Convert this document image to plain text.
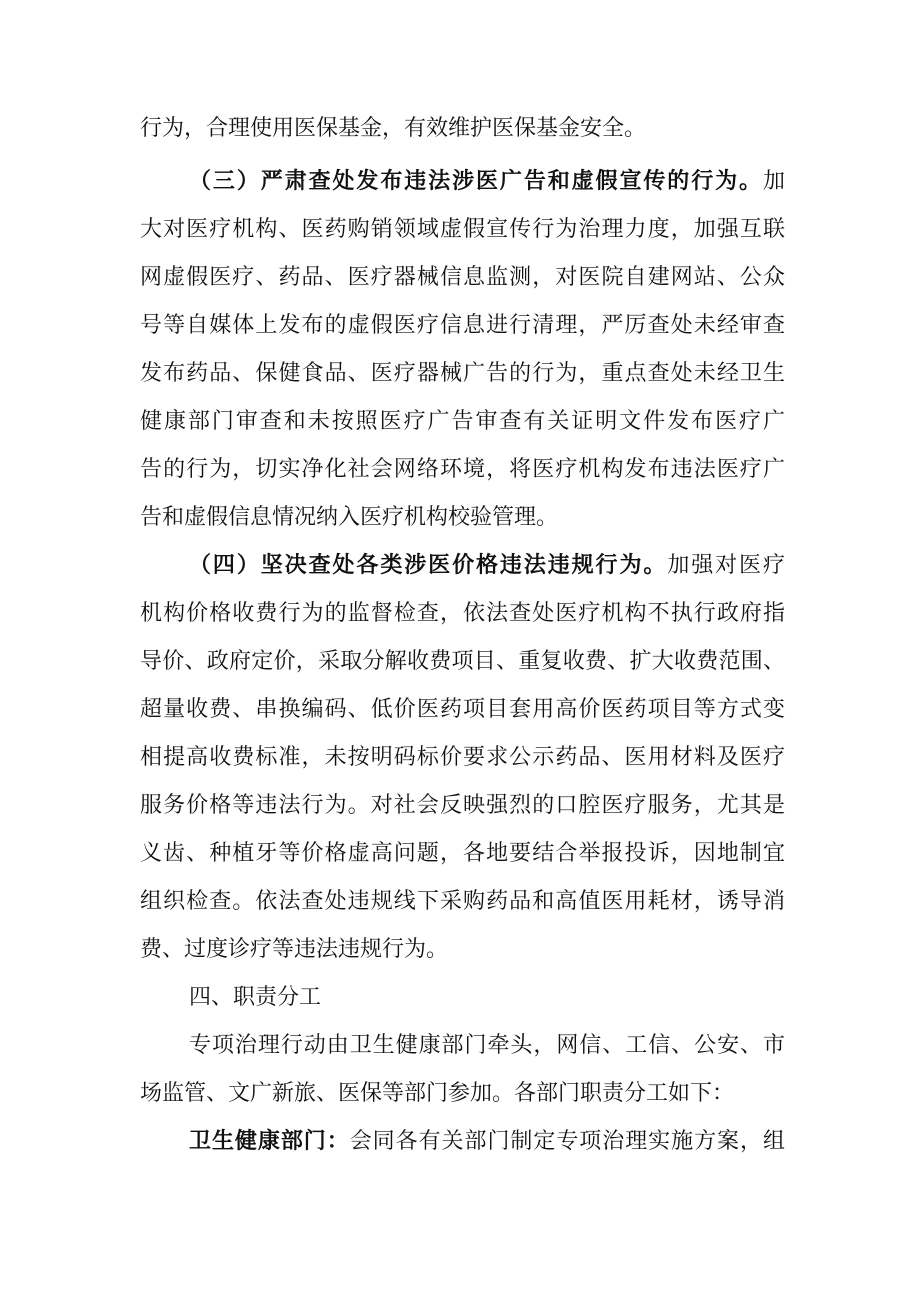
行为，合理使用医保基金，有效维护医保基金安全。
（三）严肃查处发布违法涉医广告和虚假宣传的行为。加
大对医疗机构、医药购销领域虚假宣传行为治理力度，加强互联
网虚假医疗、药品、医疗器械信息监测，对医院自建网站、公众
号等自媒体上发布的虚假医疗信息进行清理，严厉查处未经审查
发布药品、保健食品、医疗器械广告的行为，重点查处未经卫生
健康部门审查和未按照医疗广告审查有关证明文件发布医疗广
告的行为，切实净化社会网络环境，将医疗机构发布违法医疗广
告和虚假信息情况纳入医疗机构校验管理。
（四）坚决查处各类涉医价格违法违规行为。加强对医疗
机构价格收费行为的监督检查，依法查处医疗机构不执行政府指
导价、政府定价，采取分解收费项目、重复收费、扩大收费范围、
超量收费、串换编码、低价医药项目套用高价医药项目等方式变
相提高收费标准，未按明码标价要求公示药品、医用材料及医疗
服务价格等违法行为。对社会反映强烈的口腔医疗服务，尤其是
义齿、种植牙等价格虚高问题，各地要结合举报投诉，因地制宜
组织检查。依法查处违规线下采购药品和高值医用耗材，诱导消
费、过度诊疗等违法违规行为。
四、职责分工
专项治理行动由卫生健康部门牵头，网信、工信、公安、市
场监管、文广新旅、医保等部门参加。各部门职责分工如下：
卫生健康部门：会同各有关部门制定专项治理实施方案，组
